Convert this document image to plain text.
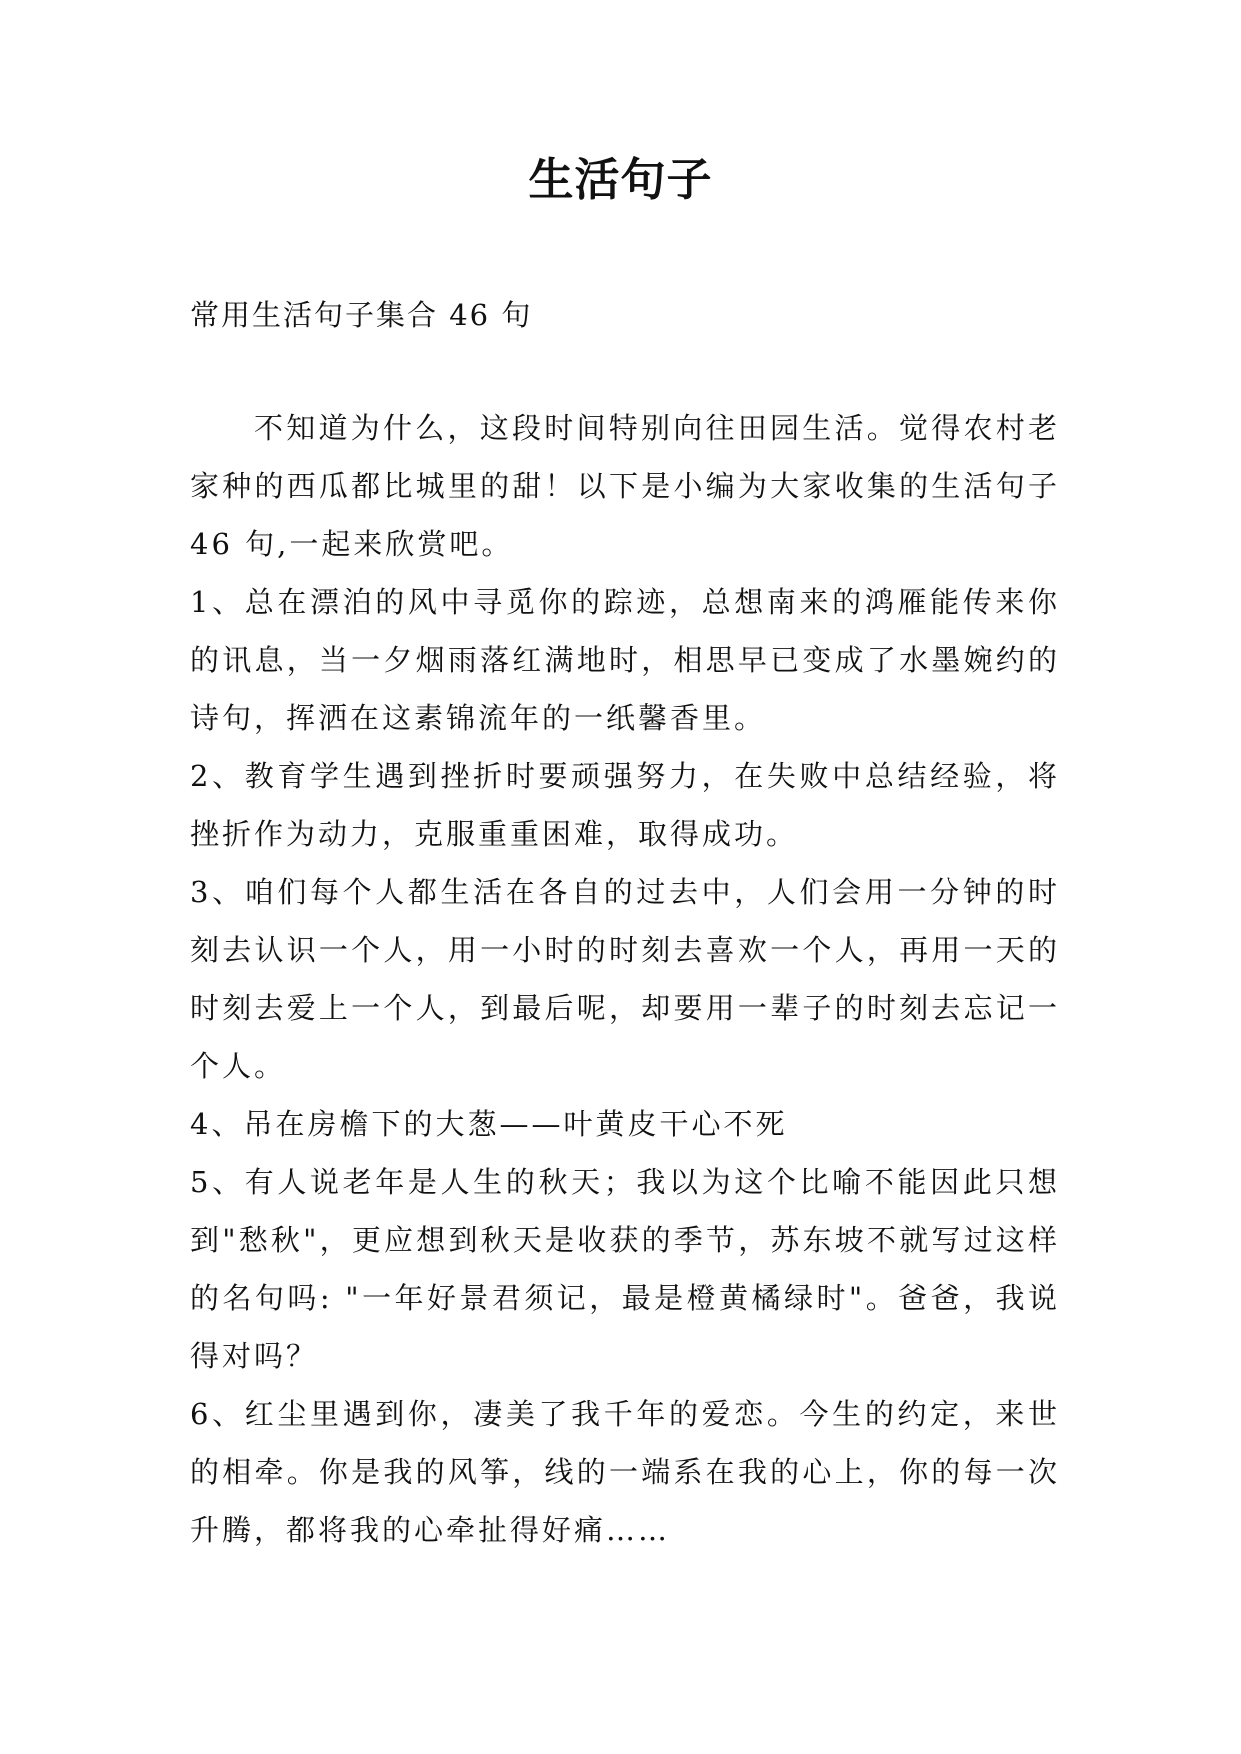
生活句子

常用生活句子集合 46 句

不知道为什么，这段时间特别向往田园生活。觉得农村老家种的西瓜都比城里的甜！以下是小编为大家收集的生活句子 46 句,一起来欣赏吧。

1、总在漂泊的风中寻觅你的踪迹，总想南来的鸿雁能传来你的讯息，当一夕烟雨落红满地时，相思早已变成了水墨婉约的诗句，挥洒在这素锦流年的一纸馨香里。

2、教育学生遇到挫折时要顽强努力，在失败中总结经验，将挫折作为动力，克服重重困难，取得成功。

3、咱们每个人都生活在各自的过去中，人们会用一分钟的时刻去认识一个人，用一小时的时刻去喜欢一个人，再用一天的时刻去爱上一个人，到最后呢，却要用一辈子的时刻去忘记一个人。

4、吊在房檐下的大葱——叶黄皮干心不死

5、有人说老年是人生的秋天；我以为这个比喻不能因此只想到"愁秋"，更应想到秋天是收获的季节，苏东坡不就写过这样的名句吗: "一年好景君须记，最是橙黄橘绿时"。爸爸，我说得对吗？

6、红尘里遇到你，凄美了我千年的爱恋。今生的约定，来世的相牵。你是我的风筝，线的一端系在我的心上，你的每一次升腾，都将我的心牵扯得好痛……
